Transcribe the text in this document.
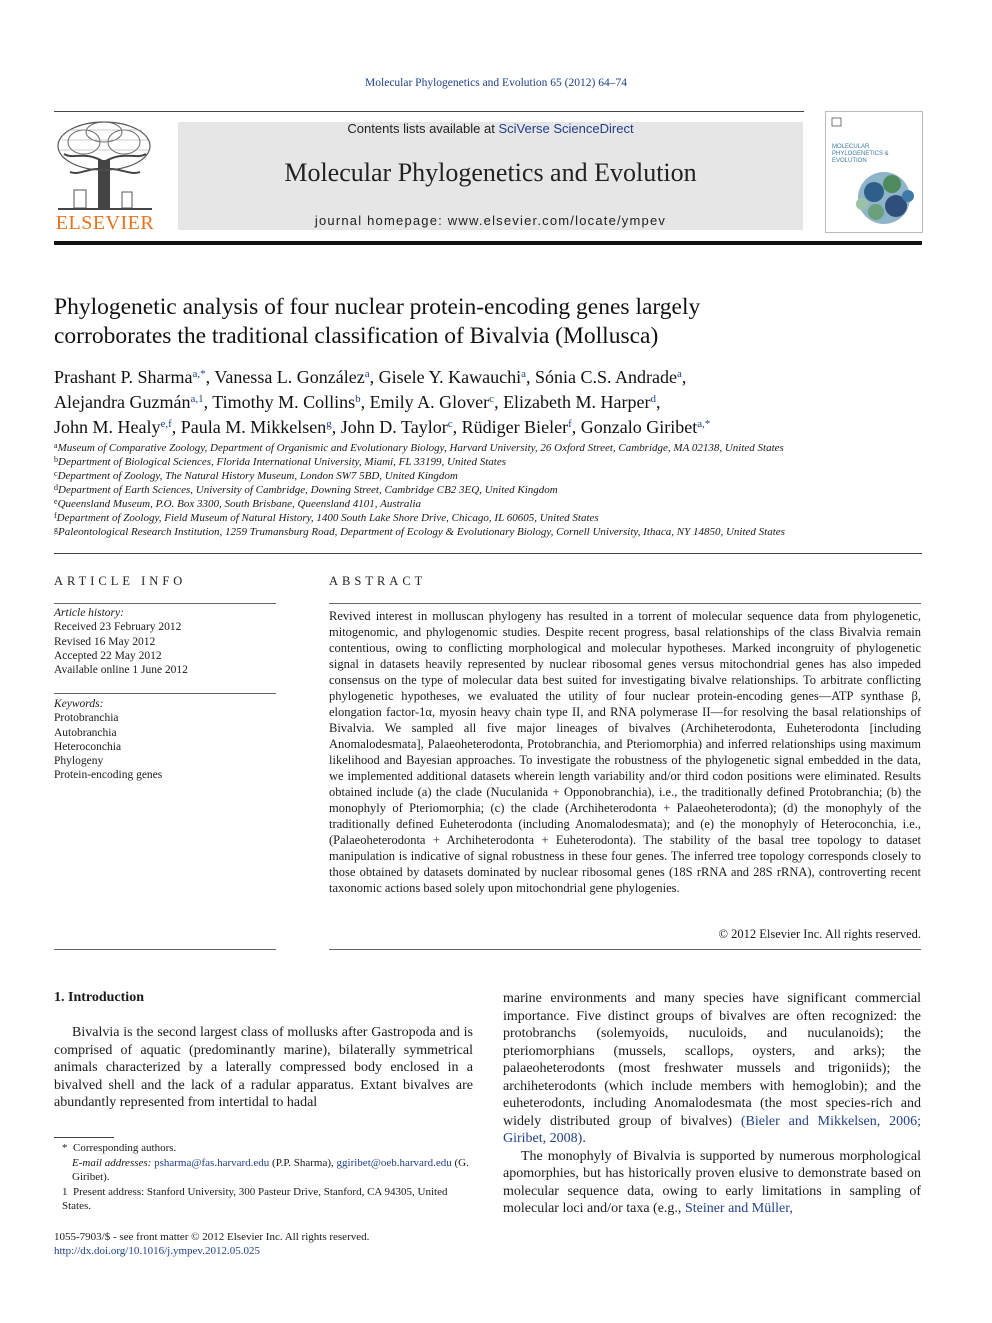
Molecular Phylogenetics and Evolution 65 (2012) 64–74
ELSEVIER
Contents lists available at SciVerse ScienceDirect
Molecular Phylogenetics and Evolution
journal homepage: www.elsevier.com/locate/ympev
MOLECULAR PHYLOGENETICS & EVOLUTION
Phylogenetic analysis of four nuclear protein-encoding genes largely
corroborates the traditional classification of Bivalvia (Mollusca)
Prashant P. Sharma$^{a,*}$, Vanessa L. González$^a$, Gisele Y. Kawauchi$^a$, Sónia C.S. Andrade$^a$,
Alejandra Guzmán$^{a,1}$, Timothy M. Collins$^b$, Emily A. Glover$^c$, Elizabeth M. Harper$^d$,
John M. Healy$^{e,f}$, Paula M. Mikkelsen$^g$, John D. Taylor$^c$, Rüdiger Bieler$^f$, Gonzalo Giribet$^{a,*}$
$^a$Museum of Comparative Zoology, Department of Organismic and Evolutionary Biology, Harvard University, 26 Oxford Street, Cambridge, MA 02138, United States
$^b$Department of Biological Sciences, Florida International University, Miami, FL 33199, United States
$^c$Department of Zoology, The Natural History Museum, London SW7 5BD, United Kingdom
$^d$Department of Earth Sciences, University of Cambridge, Downing Street, Cambridge CB2 3EQ, United Kingdom
$^e$Queensland Museum, P.O. Box 3300, South Brisbane, Queensland 4101, Australia
$^f$Department of Zoology, Field Museum of Natural History, 1400 South Lake Shore Drive, Chicago, IL 60605, United States
$^g$Paleontological Research Institution, 1259 Trumansburg Road, Department of Ecology & Evolutionary Biology, Cornell University, Ithaca, NY 14850, United States
ARTICLE INFO
Article history:
Received 23 February 2012
Revised 16 May 2012
Accepted 22 May 2012
Available online 1 June 2012
Keywords:
Protobranchia
Autobranchia
Heteroconchia
Phylogeny
Protein-encoding genes
ABSTRACT
Revived interest in molluscan phylogeny has resulted in a torrent of molecular sequence data from phylogenetic, mitogenomic, and phylogenomic studies. Despite recent progress, basal relationships of the class Bivalvia remain contentious, owing to conflicting morphological and molecular hypotheses. Marked incongruity of phylogenetic signal in datasets heavily represented by nuclear ribosomal genes versus mitochondrial genes has also impeded consensus on the type of molecular data best suited for investigating bivalve relationships. To arbitrate conflicting phylogenetic hypotheses, we evaluated the utility of four nuclear protein-encoding genes—ATP synthase β, elongation factor-1α, myosin heavy chain type II, and RNA polymerase II—for resolving the basal relationships of Bivalvia. We sampled all five major lineages of bivalves (Archiheterodonta, Euheterodonta [including Anomalodesmata], Palaeoheterodonta, Protobranchia, and Pteriomorphia) and inferred relationships using maximum likelihood and Bayesian approaches. To investigate the robustness of the phylogenetic signal embedded in the data, we implemented additional datasets wherein length variability and/or third codon positions were eliminated. Results obtained include (a) the clade (Nuculanida + Opponobranchia), i.e., the traditionally defined Protobranchia; (b) the monophyly of Pteriomorphia; (c) the clade (Archiheterodonta + Palaeoheterodonta); (d) the monophyly of the traditionally defined Euheterodonta (including Anomalodesmata); and (e) the monophyly of Heteroconchia, i.e., (Palaeoheterodonta + Archiheterodonta + Euheterodonta). The stability of the basal tree topology to dataset manipulation is indicative of signal robustness in these four genes. The inferred tree topology corresponds closely to those obtained by datasets dominated by nuclear ribosomal genes (18S rRNA and 28S rRNA), controverting recent taxonomic actions based solely upon mitochondrial gene phylogenies.
© 2012 Elsevier Inc. All rights reserved.
1. Introduction
Bivalvia is the second largest class of mollusks after Gastropoda and is comprised of aquatic (predominantly marine), bilaterally symmetrical animals characterized by a laterally compressed body enclosed in a bivalved shell and the lack of a radular apparatus. Extant bivalves are abundantly represented from intertidal to hadal
marine environments and many species have significant commercial importance. Five distinct groups of bivalves are often recognized: the protobranchs (solemyoids, nuculoids, and nuculanoids); the pteriomorphians (mussels, scallops, oysters, and arks); the palaeoheterodonts (most freshwater mussels and trigoniids); the archiheterodonts (which include members with hemoglobin); and the euheterodonts, including Anomalodesmata (the most species-rich and widely distributed group of bivalves) (Bieler and Mikkelsen, 2006; Giribet, 2008).
The monophyly of Bivalvia is supported by numerous morphological apomorphies, but has historically proven elusive to demonstrate based on molecular sequence data, owing to early limitations in sampling of molecular loci and/or taxa (e.g., Steiner and Müller,
* Corresponding authors.
E-mail addresses: psharma@fas.harvard.edu (P.P. Sharma), ggiribet@oeb.harvard.edu (G. Giribet).
1 Present address: Stanford University, 300 Pasteur Drive, Stanford, CA 94305, United States.
1055-7903/$ - see front matter © 2012 Elsevier Inc. All rights reserved.
http://dx.doi.org/10.1016/j.ympev.2012.05.025
